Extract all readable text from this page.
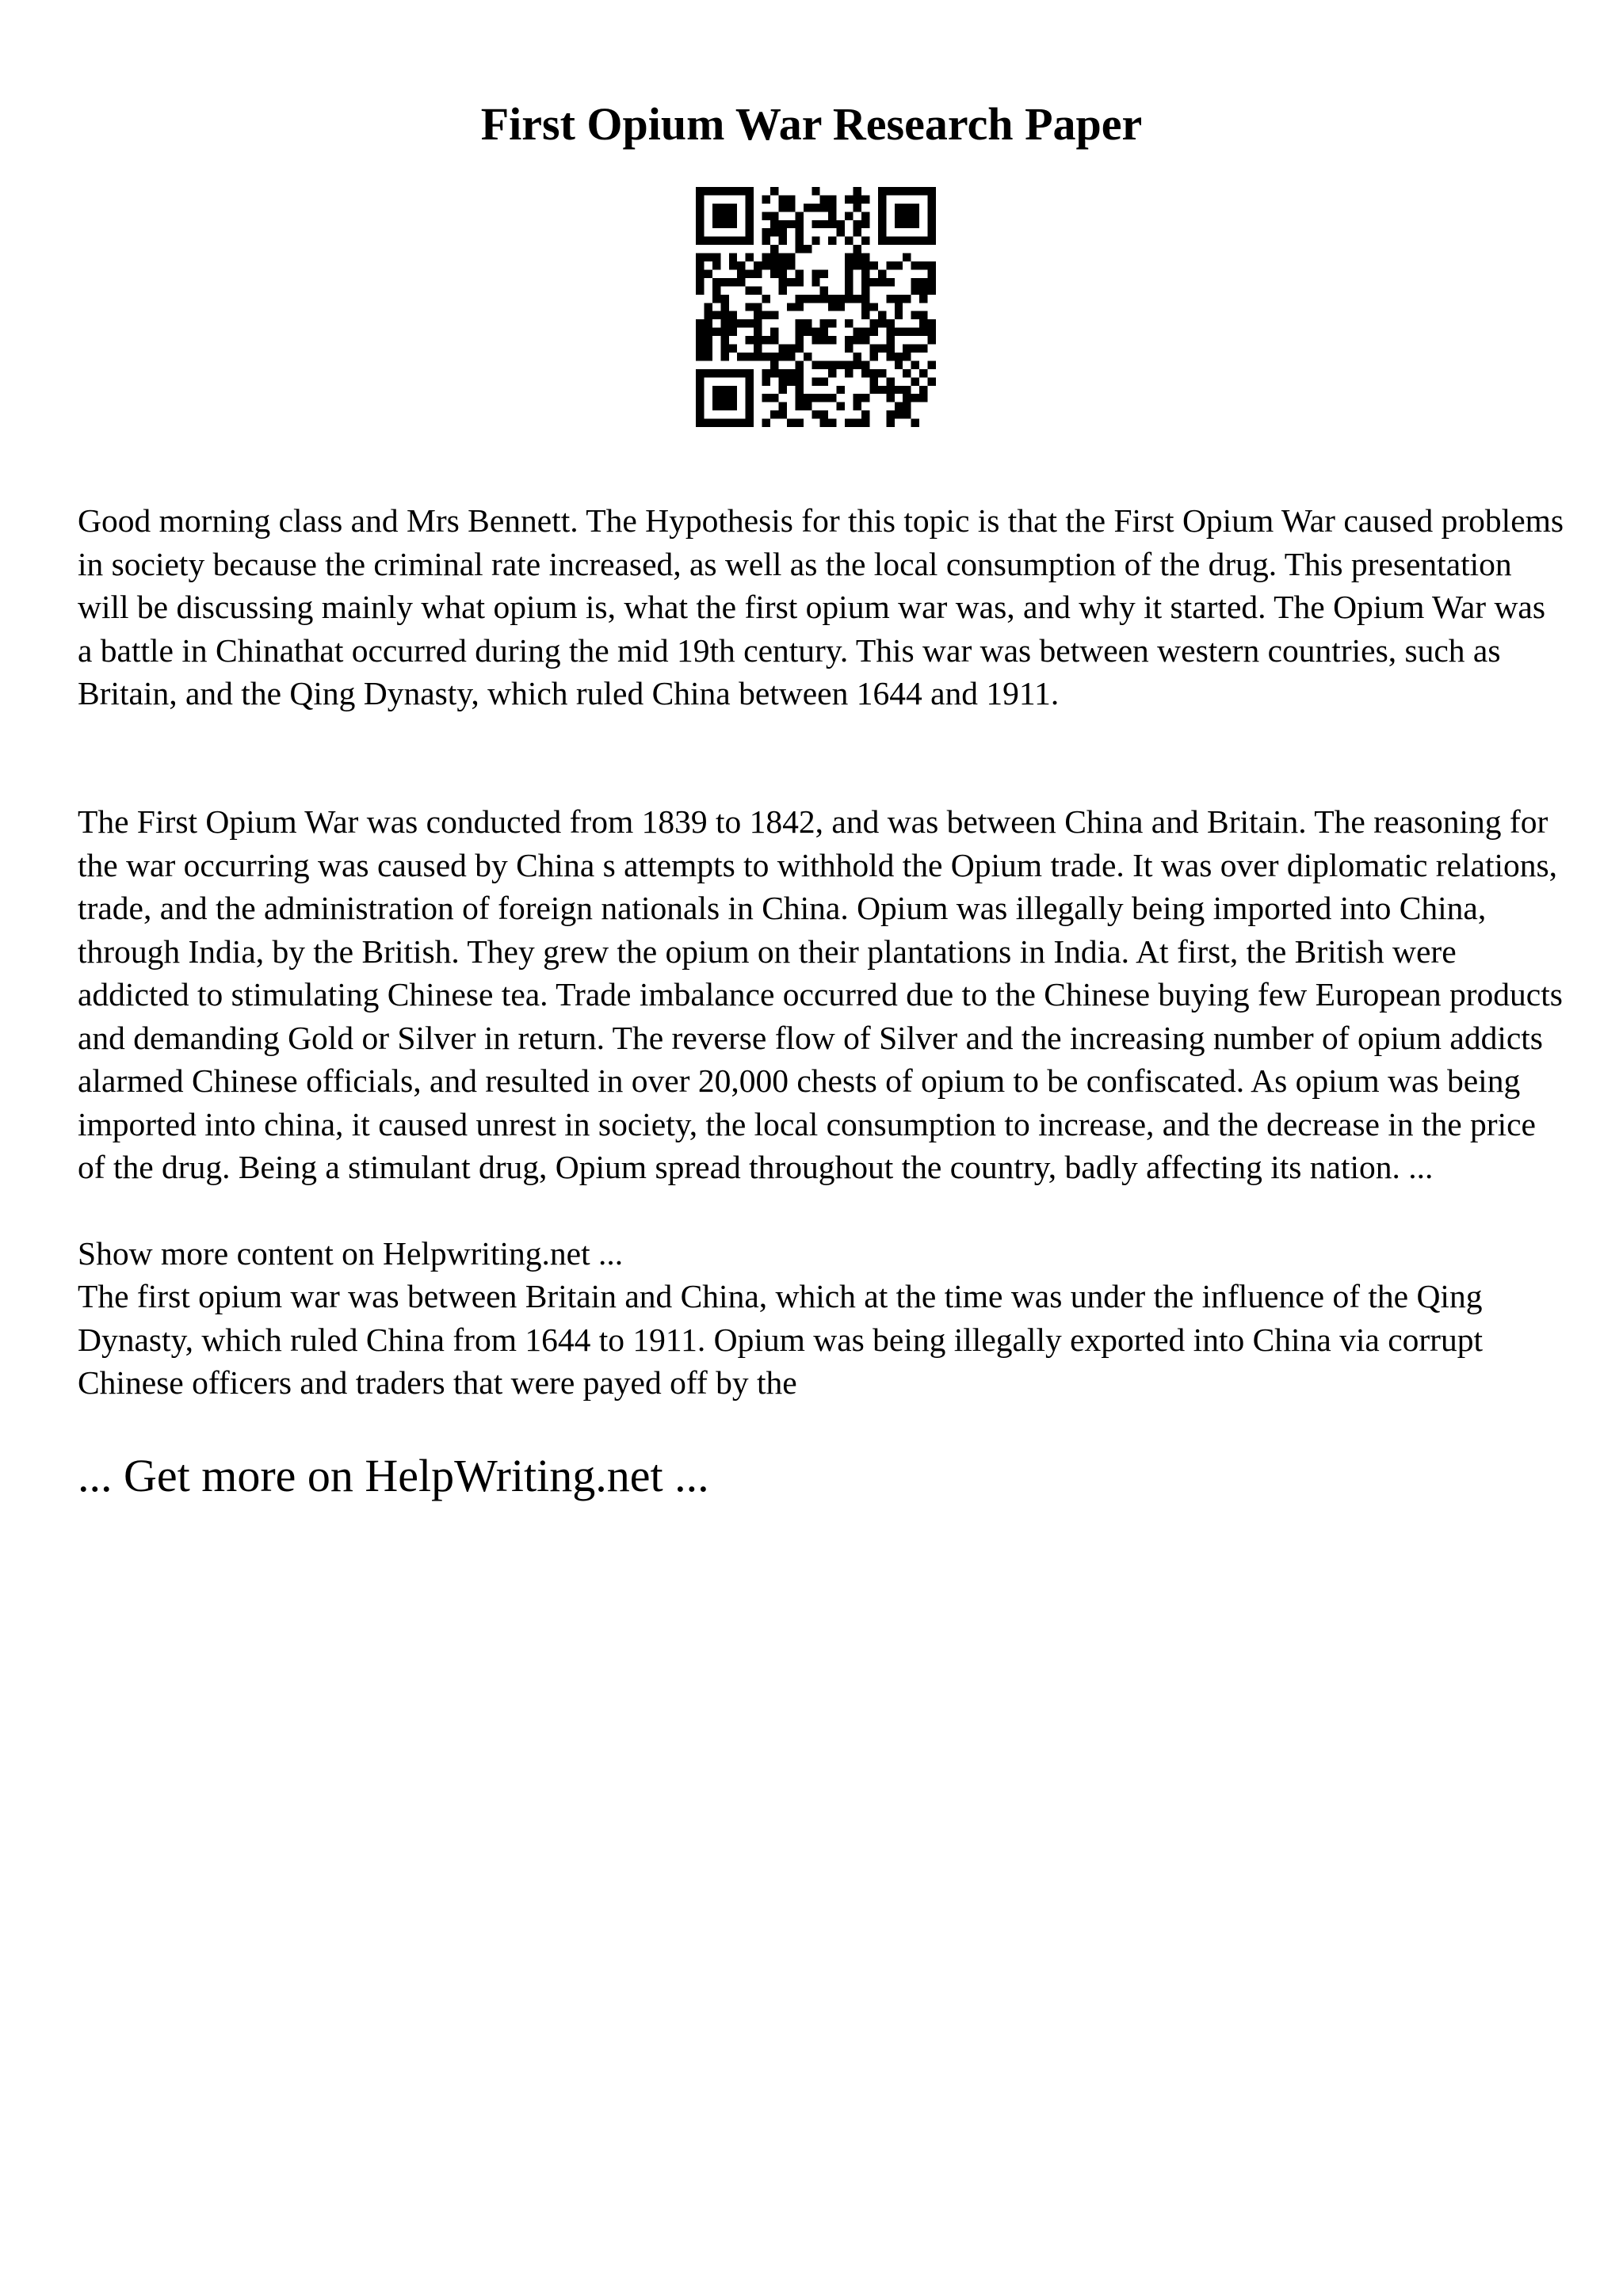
First Opium War Research Paper

Good morning class and Mrs Bennett. The Hypothesis for this topic is that the First Opium War caused problems in society because the criminal rate increased, as well as the local consumption of the drug. This presentation will be discussing mainly what opium is, what the first opium war was, and why it started. The Opium War was a battle in Chinathat occurred during the mid 19th century. This war was between western countries, such as Britain, and the Qing Dynasty, which ruled China between 1644 and 1911.

The First Opium War was conducted from 1839 to 1842, and was between China and Britain. The reasoning for the war occurring was caused by China s attempts to withhold the Opium trade. It was over diplomatic relations, trade, and the administration of foreign nationals in China. Opium was illegally being imported into China, through India, by the British. They grew the opium on their plantations in India. At first, the British were addicted to stimulating Chinese tea. Trade imbalance occurred due to the Chinese buying few European products and demanding Gold or Silver in return. The reverse flow of Silver and the increasing number of opium addicts alarmed Chinese officials, and resulted in over 20,000 chests of opium to be confiscated. As opium was being imported into china, it caused unrest in society, the local consumption to increase, and the decrease in the price of the drug. Being a stimulant drug, Opium spread throughout the country, badly affecting its nation. ...

Show more content on Helpwriting.net ...

The first opium war was between Britain and China, which at the time was under the influence of the Qing Dynasty, which ruled China from 1644 to 1911. Opium was being illegally exported into China via corrupt Chinese officers and traders that were payed off by the

... Get more on HelpWriting.net ...
